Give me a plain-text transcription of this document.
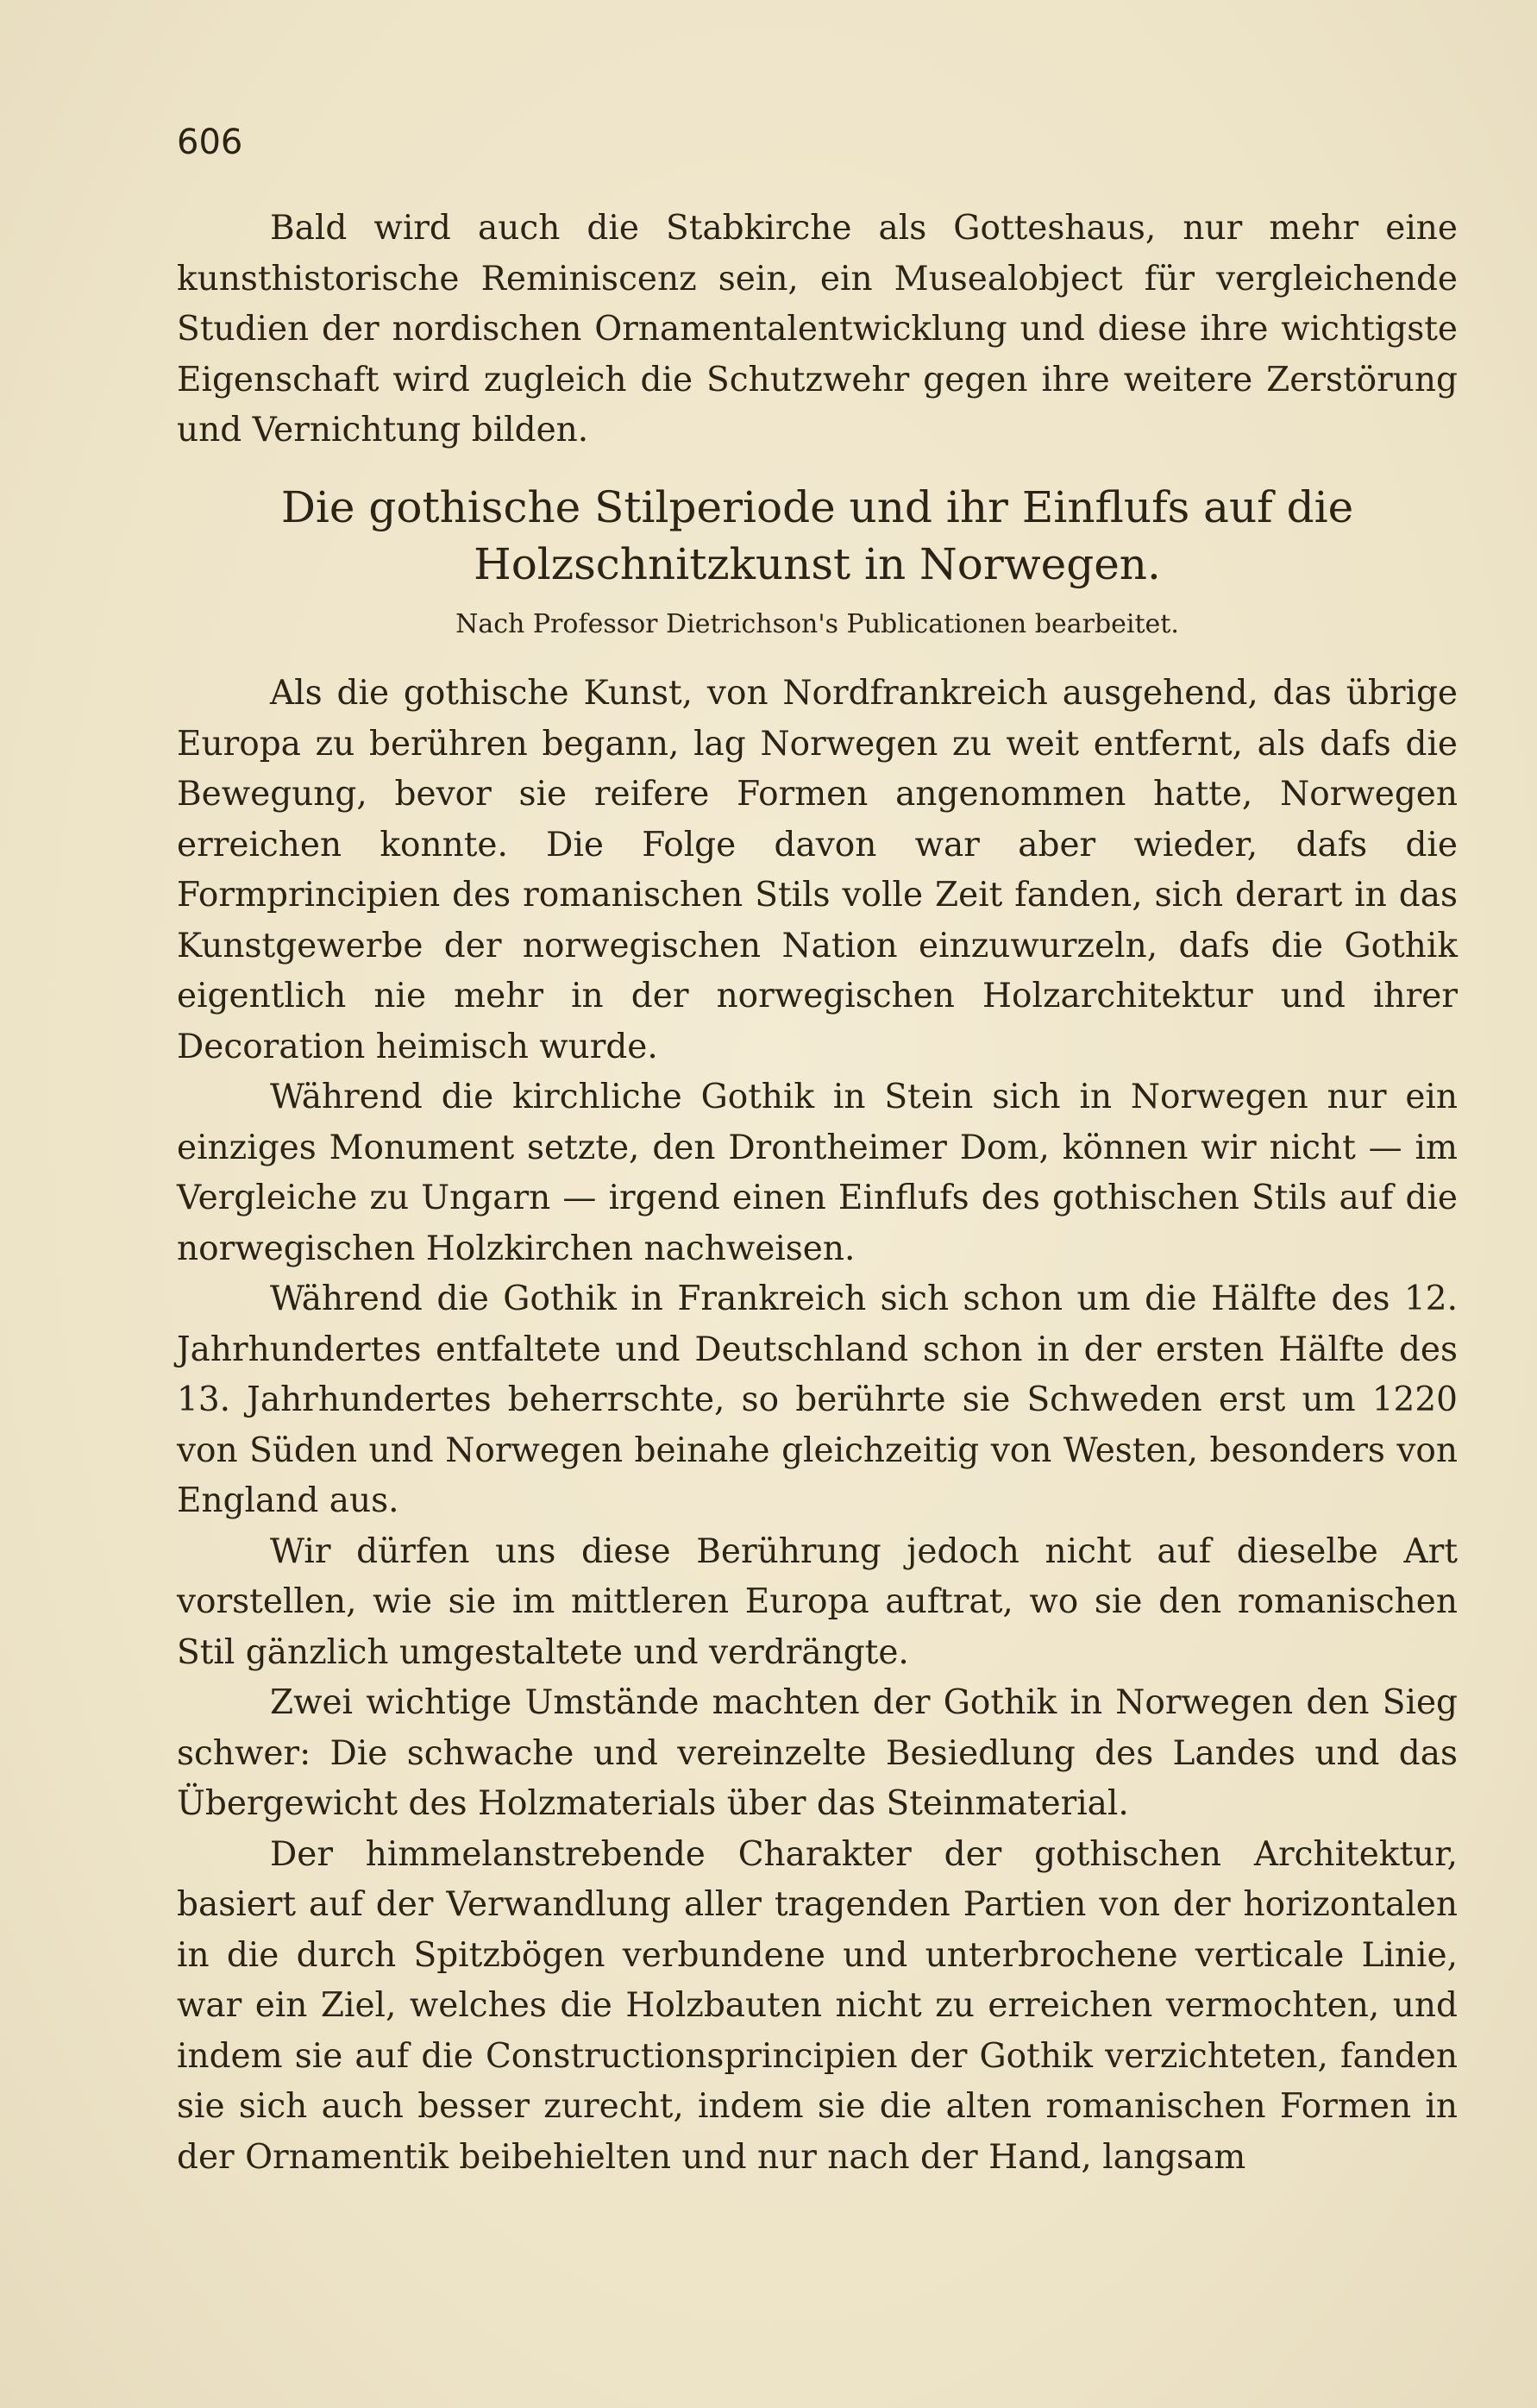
606

Bald wird auch die Stabkirche als Gotteshaus, nur mehr eine kunsthistorische Reminiscenz sein, ein Musealobject für vergleichende Studien der nordischen Ornamentalentwicklung und diese ihre wichtigste Eigenschaft wird zugleich die Schutzwehr gegen ihre weitere Zerstörung und Vernichtung bilden.

Die gothische Stilperiode und ihr Einflufs auf die Holzschnitzkunst in Norwegen.
Nach Professor Dietrichson's Publicationen bearbeitet.

Als die gothische Kunst, von Nordfrankreich ausgehend, das übrige Europa zu berühren begann, lag Norwegen zu weit entfernt, als dafs die Bewegung, bevor sie reifere Formen angenommen hatte, Norwegen erreichen konnte. Die Folge davon war aber wieder, dafs die Formprincipien des romanischen Stils volle Zeit fanden, sich derart in das Kunstgewerbe der norwegischen Nation einzuwurzeln, dafs die Gothik eigentlich nie mehr in der norwegischen Holzarchitektur und ihrer Decoration heimisch wurde.

Während die kirchliche Gothik in Stein sich in Norwegen nur ein einziges Monument setzte, den Drontheimer Dom, können wir nicht — im Vergleiche zu Ungarn — irgend einen Einflufs des gothischen Stils auf die norwegischen Holzkirchen nachweisen.

Während die Gothik in Frankreich sich schon um die Hälfte des 12. Jahrhundertes entfaltete und Deutschland schon in der ersten Hälfte des 13. Jahrhundertes beherrschte, so berührte sie Schweden erst um 1220 von Süden und Norwegen beinahe gleichzeitig von Westen, besonders von England aus.

Wir dürfen uns diese Berührung jedoch nicht auf dieselbe Art vorstellen, wie sie im mittleren Europa auftrat, wo sie den romanischen Stil gänzlich umgestaltete und verdrängte.

Zwei wichtige Umstände machten der Gothik in Norwegen den Sieg schwer: Die schwache und vereinzelte Besiedlung des Landes und das Übergewicht des Holzmaterials über das Steinmaterial.

Der himmelanstrebende Charakter der gothischen Architektur, basiert auf der Verwandlung aller tragenden Partien von der horizontalen in die durch Spitzbögen verbundene und unterbrochene verticale Linie, war ein Ziel, welches die Holzbauten nicht zu erreichen vermochten, und indem sie auf die Constructionsprincipien der Gothik verzichteten, fanden sie sich auch besser zurecht, indem sie die alten romanischen Formen in der Ornamentik beibehielten und nur nach der Hand, langsam
